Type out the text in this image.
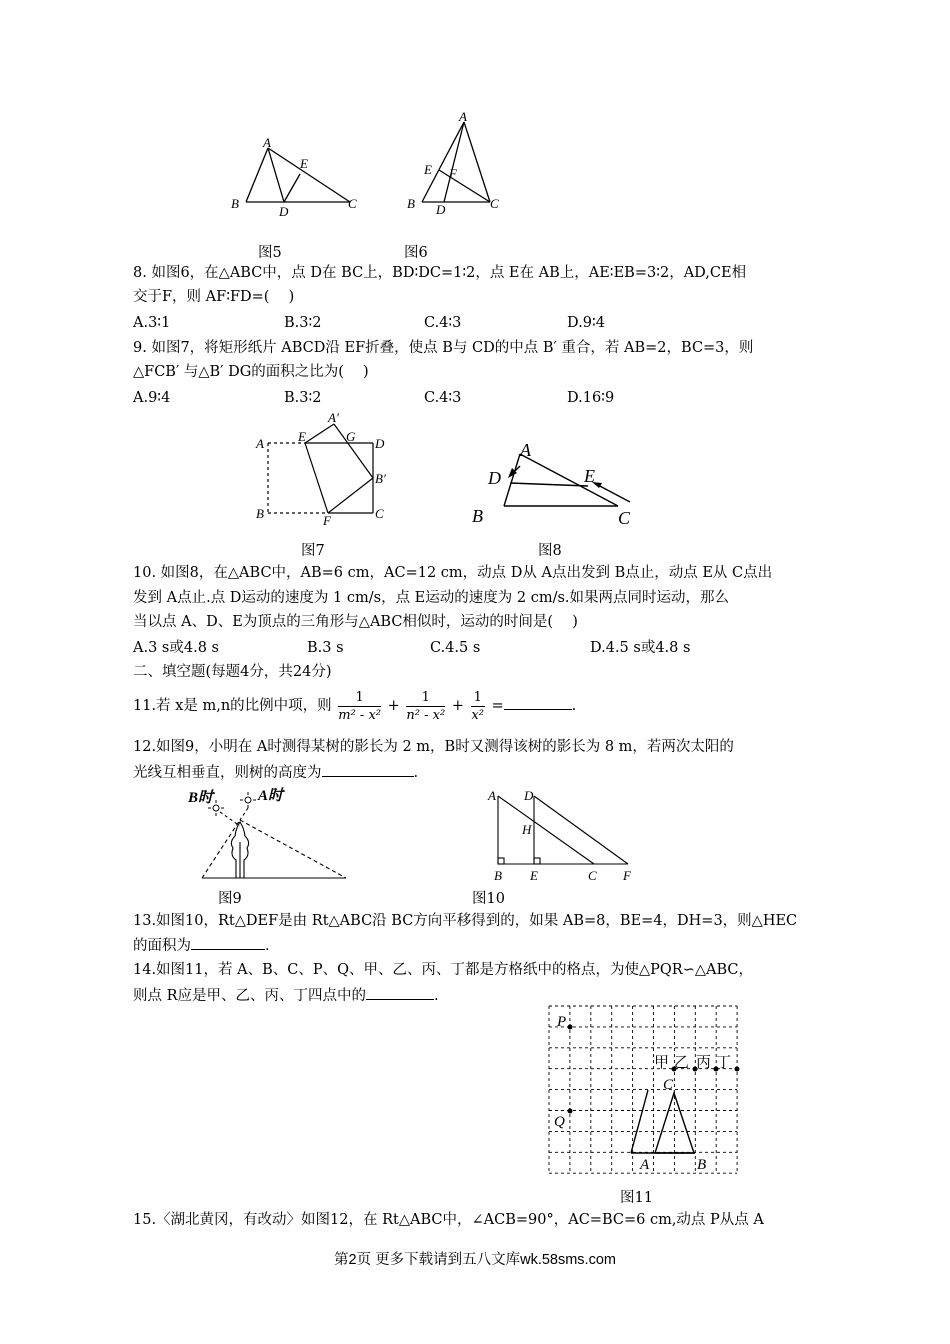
A
B	C
D
E
图5
A
B	C
D
E F
图6
8. 如图6，在△ABC中，点 D在 BC上，BD∶DC=1∶2，点 E在 AB上，AE∶EB=3∶2，AD,CE相
交于F，则 AF∶FD=(　 )
A.3∶1	B.3∶2	C.4∶3	D.9∶4
9. 如图7，将矩形纸片 ABCD沿 EF折叠，使点 B与 CD的中点 B′ 重合，若 AB=2，BC=3，则
△FCB′ 与△B′ DG的面积之比为(　 )
A.9∶4	B.3∶2	C.4∶3	D.16∶9
A′
A	E	G D
B′
B	F	C
图7
A
D	E
B	C
图8
10. 如图8，在△ABC中，AB=6 cm，AC=12 cm，动点 D从 A点出发到 B点止，动点 E从 C点出
发到 A点止.点 D运动的速度为 1 cm/s，点 E运动的速度为 2 cm/s.如果两点同时运动，那么
当以点 A、D、E为顶点的三角形与△ABC相似时，运动的时间是(　 )
A.3 s或4.8 s	B.3 s	C.4.5 s	D.4.5 s或4.8 s
二、填空题(每题4分，共24分)
11.若 x是 m,n的比例中项，则 $\frac{1}{\text{m² - x²}} + \frac{1}{\text{n² - x²}} + \frac{1}{\text{x²}}$ =	.
12.如图9，小明在 A时测得某树的影长为 2 m，B时又测得该树的影长为 8 m，若两次太阳的
光线互相垂直，则树的高度为	.
B时	A时
图9
A D
H
B E	C F
图10
13.如图10，Rt△DEF是由 Rt△ABC沿 BC方向平移得到的，如果 AB=8，BE=4，DH=3，则△HEC
的面积为	.
14.如图11，若 A、B、C、P、Q、甲、乙、丙、丁都是方格纸中的格点，为使△PQR∽△ABC，
则点 R应是甲、乙、丙、丁四点中的	.
P
Q
C
A	B
甲 乙 丙 丁
图11
15.〈湖北黄冈，有改动〉如图12，在 Rt△ABC中，∠ACB=90°，AC=BC=6 cm,动点 P从点 A
第2页 更多下载请到五八文库wk.58sms.com
